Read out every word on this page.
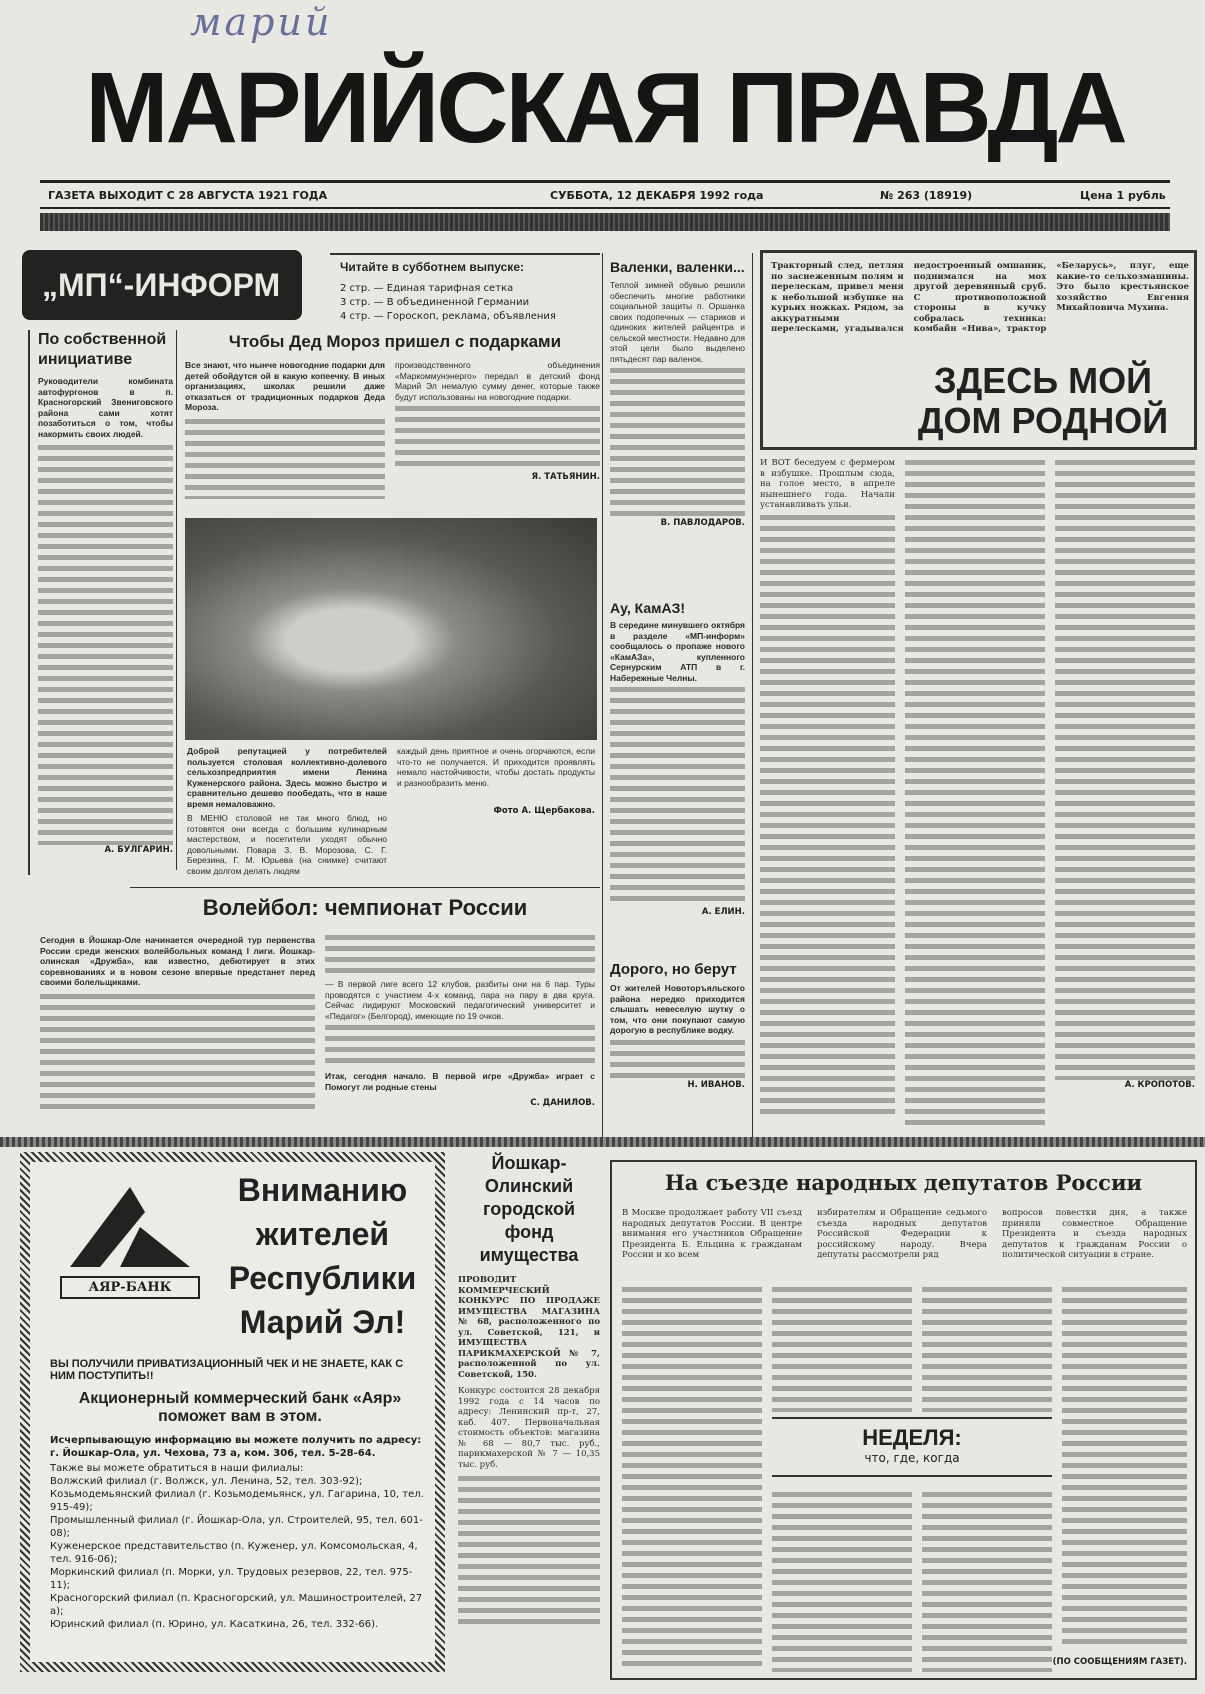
марий
МАРИЙСКАЯ ПРАВДА
ГАЗЕТА ВЫХОДИТ С 28 АВГУСТА 1921 ГОДА	СУББОТА, 12 ДЕКАБРЯ 1992 года	№ 263 (18919)	Цена 1 рубль
„МП“-ИНФОРМ	Читайте в субботнем выпуске:
2 стр. — Единая тарифная сетка
3 стр. — В объединенной Германии
4 стр. — Гороскоп, реклама, объявления
По собственной инициативе
Руководители комбината автофургонов в п. Красногорский Звениговского района сами хотят позаботиться о том, чтобы накормить своих людей.
А. БУЛГАРИН.
Чтобы Дед Мороз пришел с подарками
Все знают, что нынче новогодние подарки для детей обойдутся ой в какую копеечку. В иных организациях, школах решили даже отказаться от традиционных подарков Деда Мороза.
производственного объединения «Маркоммунэнерго» передал в детский фонд Марий Эл немалую сумму денег, которые также будут использованы на новогодние подарки.
Я. ТАТЬЯНИН.
Доброй репутацией у потребителей пользуется столовая коллективно-долевого сельхозпредприятия имени Ленина Куженерского района. Здесь можно быстро и сравнительно дешево пообедать, что в наше время немаловажно.
В МЕНЮ столовой не так много блюд, но готовятся они всегда с большим кулинарным мастерством, и посетители уходят обычно довольными. Повара З. В. Морозова, С. Г. Березина, Г. М. Юрьева (на снимке) считают своим долгом делать людям
каждый день приятное и очень огорчаются, если что-то не получается. И приходится проявлять немало настойчивости, чтобы достать продукты и разнообразить меню.
Фото А. Щербакова.
Валенки, валенки...
Теплой зимней обувью решили обеспечить многие работники социальной защиты п. Оршанка своих подопечных — стариков и одиноких жителей райцентра и сельской местности. Недавно для этой цели было выделено пятьдесят пар валенок.
В. ПАВЛОДАРОВ.
Ау, КамАЗ!
В середине минувшего октября в разделе «МП-информ» сообщалось о пропаже нового «КамАЗа», купленного Сернурским АТП в г. Набережные Челны.
А. ЕЛИН.
Дорого, но берут
От жителей Новоторъяльского района нередко приходится слышать невеселую шутку о том, что они покупают самую дорогую в республике водку.
Н. ИВАНОВ.
Волейбол: чемпионат России
Сегодня в Йошкар-Оле начинается очередной тур первенства России среди женских волейбольных команд I лиги. Йошкар-олинская «Дружба», как известно, дебютирует в этих соревнованиях и в новом сезоне впервые предстанет перед своими болельщиками.	— В первой лиге всего 12 клубов, разбиты они на 6 пар. Туры проводятся с участием 4-х команд, пара на пару в два круга. Сейчас лидируют Московский педагогический университет и «Педагог» (Белгород), имеющие по 19 очков.
Итак, сегодня начало. В первой игре «Дружба» играет с Помогут ли родные стены
С. ДАНИЛОВ.
Тракторный след, петляя по заснеженным полям и перелескам, привел меня к небольшой избушке на курьих ножках. Рядом, за аккуратными перелесками, угадывался недостроенный омшаник, поднимался на мох другой деревянный сруб. С противоположной стороны в кучку собралась техника: комбайн «Нива», трактор «Беларусь», плуг, еще какие-то сельхозмашины. Это было крестьянское хозяйство Евгения Михайловича Мухина.
ЗДЕСЬ МОЙ ДОМ РОДНОЙ
И ВОТ беседуем с фермером в избушке. Прошлым сюда, на голое место, в апреле нынешнего года. Начали устанавливать ульи.
А. КРОПОТОВ.
АЯР-БАНК
Вниманию жителей Республики Марий Эл!
ВЫ ПОЛУЧИЛИ ПРИВАТИЗАЦИОННЫЙ ЧЕК И НЕ ЗНАЕТЕ, КАК С НИМ ПОСТУПИТЬ!!
Акционерный коммерческий банк «Аяр» поможет вам в этом.
Исчерпывающую информацию вы можете получить по адресу: г. Йошкар-Ола, ул. Чехова, 73 а, ком. 306, тел. 5-28-64.
Также вы можете обратиться в наши филиалы:
Волжский филиал (г. Волжск, ул. Ленина, 52, тел. 303-92);
Козьмодемьянский филиал (г. Козьмодемьянск, ул. Гагарина, 10, тел. 915-49);
Промышленный филиал (г. Йошкар-Ола, ул. Строителей, 95, тел. 601-08);
Куженерское представительство (п. Куженер, ул. Комсомольская, 4, тел. 916-06);
Моркинский филиал (п. Морки, ул. Трудовых резервов, 22, тел. 975-11);
Красногорский филиал (п. Красногорский, ул. Машиностроителей, 27 а);
Юринский филиал (п. Юрино, ул. Касаткина, 26, тел. 332-66).
Йошкар-Олинский городской фонд имущества
ПРОВОДИТ КОММЕРЧЕСКИЙ КОНКУРС ПО ПРОДАЖЕ ИМУЩЕСТВА МАГАЗИНА № 68, расположенного по ул. Советской, 121, и ИМУЩЕСТВА ПАРИКМАХЕРСКОЙ № 7, расположенной по ул. Советской, 150.
Конкурс состоится 28 декабря 1992 года с 14 часов по адресу: Ленинский пр-т, 27, каб. 407. Первоначальная стоимость объектов: магазина № 68 — 80,7 тыс. руб., парикмахерской № 7 — 10,35 тыс. руб.
На съезде народных депутатов России
В Москве продолжает работу VII съезд народных депутатов России. В центре внимания его участников Обращение Президента Б. Ельцина к гражданам России и ко всем
избирателям и Обращение седьмого съезда народных депутатов Российской Федерации к российскому народу. Вчера депутаты рассмотрели ряд
вопросов повестки дня, а также приняли совместное Обращение Президента и съезда народных депутатов к гражданам России о политической ситуации в стране.
НЕДЕЛЯ:
что, где, когда
(ПО СООБЩЕНИЯМ ГАЗЕТ).
